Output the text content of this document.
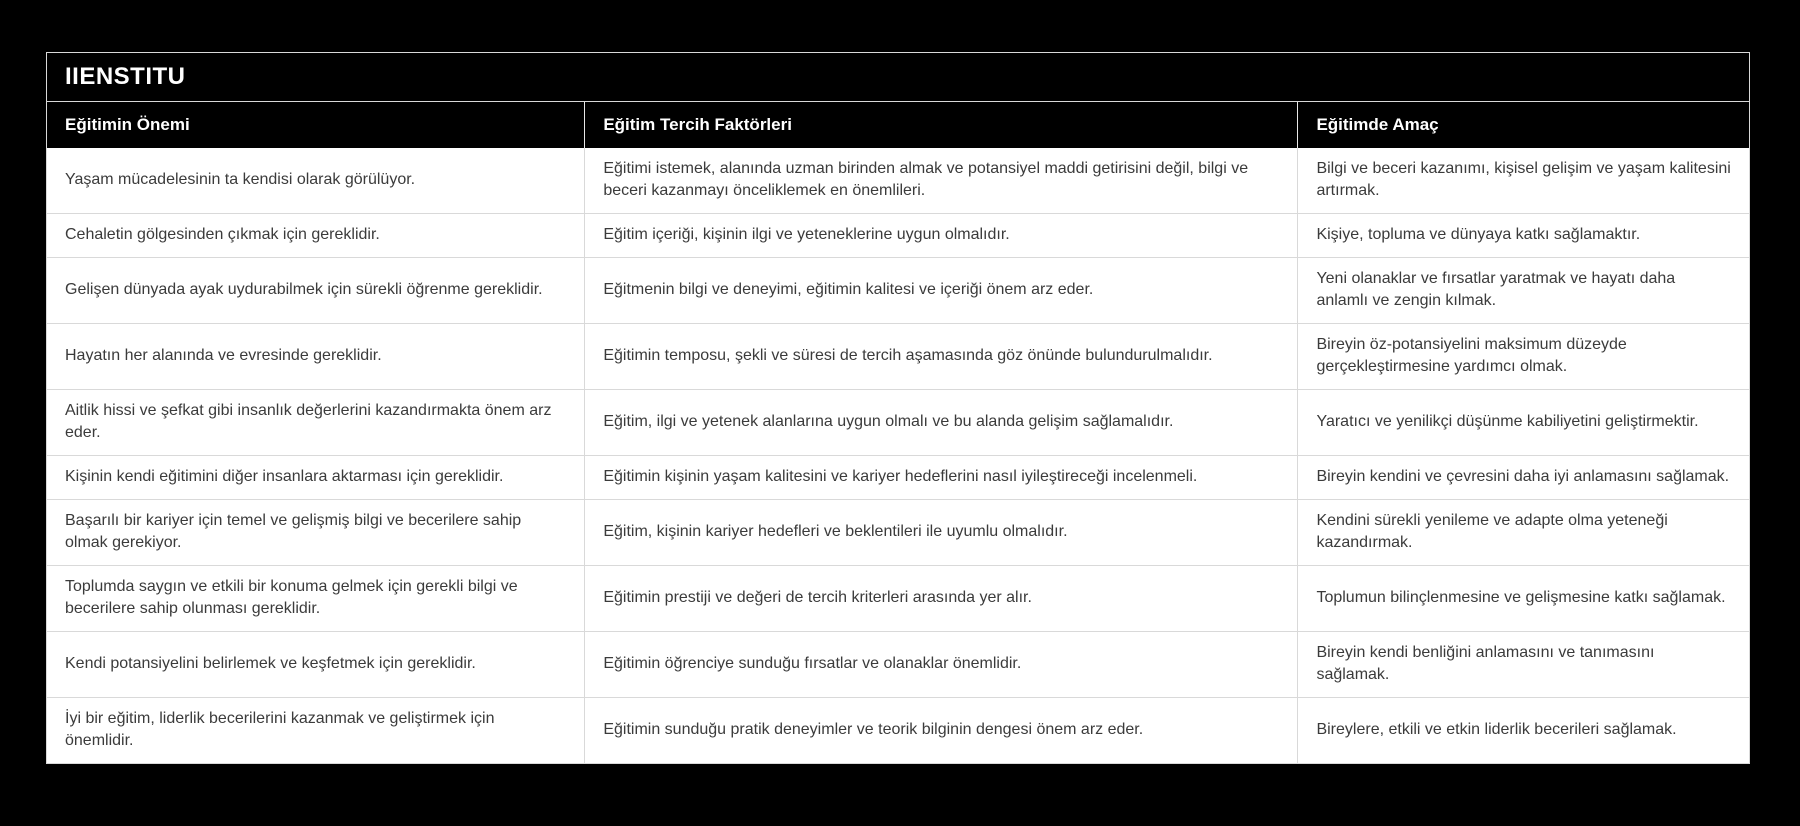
IIENSTITU
Eğitimin Önemi	Eğitim Tercih Faktörleri	Eğitimde Amaç
Yaşam mücadelesinin ta kendisi olarak görülüyor.	Eğitimi istemek, alanında uzman birinden almak ve potansiyel maddi getirisini değil, bilgi ve beceri kazanmayı önceliklemek en önemlileri.	Bilgi ve beceri kazanımı, kişisel gelişim ve yaşam kalitesini artırmak.
Cehaletin gölgesinden çıkmak için gereklidir.	Eğitim içeriği, kişinin ilgi ve yeteneklerine uygun olmalıdır.	Kişiye, topluma ve dünyaya katkı sağlamaktır.
Gelişen dünyada ayak uydurabilmek için sürekli öğrenme gereklidir.	Eğitmenin bilgi ve deneyimi, eğitimin kalitesi ve içeriği önem arz eder.	Yeni olanaklar ve fırsatlar yaratmak ve hayatı daha anlamlı ve zengin kılmak.
Hayatın her alanında ve evresinde gereklidir.	Eğitimin temposu, şekli ve süresi de tercih aşamasında göz önünde bulundurulmalıdır.	Bireyin öz-potansiyelini maksimum düzeyde gerçekleştirmesine yardımcı olmak.
Aitlik hissi ve şefkat gibi insanlık değerlerini kazandırmakta önem arz eder.	Eğitim, ilgi ve yetenek alanlarına uygun olmalı ve bu alanda gelişim sağlamalıdır.	Yaratıcı ve yenilikçi düşünme kabiliyetini geliştirmektir.
Kişinin kendi eğitimini diğer insanlara aktarması için gereklidir.	Eğitimin kişinin yaşam kalitesini ve kariyer hedeflerini nasıl iyileştireceği incelenmeli.	Bireyin kendini ve çevresini daha iyi anlamasını sağlamak.
Başarılı bir kariyer için temel ve gelişmiş bilgi ve becerilere sahip olmak gerekiyor.	Eğitim, kişinin kariyer hedefleri ve beklentileri ile uyumlu olmalıdır.	Kendini sürekli yenileme ve adapte olma yeteneği kazandırmak.
Toplumda saygın ve etkili bir konuma gelmek için gerekli bilgi ve becerilere sahip olunması gereklidir.	Eğitimin prestiji ve değeri de tercih kriterleri arasında yer alır.	Toplumun bilinçlenmesine ve gelişmesine katkı sağlamak.
Kendi potansiyelini belirlemek ve keşfetmek için gereklidir.	Eğitimin öğrenciye sunduğu fırsatlar ve olanaklar önemlidir.	Bireyin kendi benliğini anlamasını ve tanımasını sağlamak.
İyi bir eğitim, liderlik becerilerini kazanmak ve geliştirmek için önemlidir.	Eğitimin sunduğu pratik deneyimler ve teorik bilginin dengesi önem arz eder.	Bireylere, etkili ve etkin liderlik becerileri sağlamak.
